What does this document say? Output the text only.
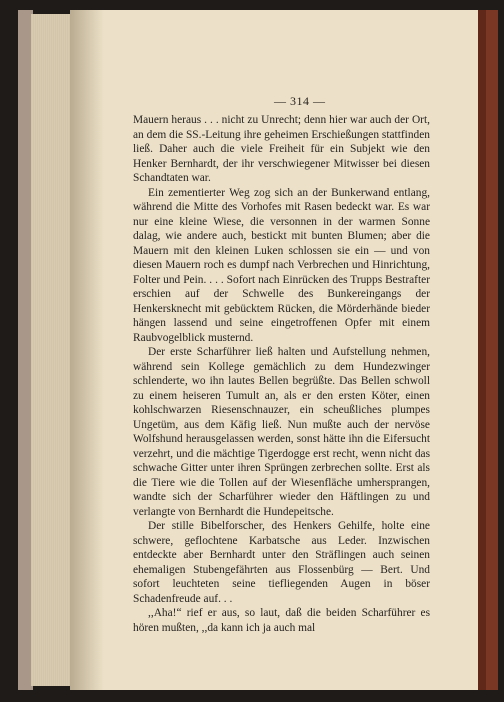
— 314 —

Mauern heraus . . . nicht zu Unrecht; denn hier war auch der Ort, an dem die SS.-Leitung ihre geheimen Erschießungen stattfinden ließ. Daher auch die viele Freiheit für ein Subjekt wie den Henker Bernhardt, der ihr verschwiegener Mitwisser bei diesen Schandtaten war.

Ein zementierter Weg zog sich an der Bunkerwand entlang, während die Mitte des Vorhofes mit Rasen bedeckt war. Es war nur eine kleine Wiese, die versonnen in der warmen Sonne dalag, wie andere auch, bestickt mit bunten Blumen; aber die Mauern mit den kleinen Luken schlossen sie ein — und von diesen Mauern roch es dumpf nach Verbrechen und Hinrichtung, Folter und Pein. . . . Sofort nach Einrücken des Trupps Bestrafter erschien auf der Schwelle des Bunkereingangs der Henkersknecht mit gebücktem Rücken, die Mörderhände bieder hängen lassend und seine eingetroffenen Opfer mit einem Raubvogelblick musternd.

Der erste Scharführer ließ halten und Aufstellung nehmen, während sein Kollege gemächlich zu dem Hundezwinger schlenderte, wo ihn lautes Bellen begrüßte. Das Bellen schwoll zu einem heiseren Tumult an, als er den ersten Köter, einen kohlschwarzen Riesenschnauzer, ein scheußliches plumpes Ungetüm, aus dem Käfig ließ. Nun mußte auch der nervöse Wolfshund herausgelassen werden, sonst hätte ihn die Eifersucht verzehrt, und die mächtige Tigerdogge erst recht, wenn nicht das schwache Gitter unter ihren Sprüngen zerbrechen sollte. Erst als die Tiere wie die Tollen auf der Wiesenfläche umhersprangen, wandte sich der Scharführer wieder den Häftlingen zu und verlangte von Bernhardt die Hundepeitsche.

Der stille Bibelforscher, des Henkers Gehilfe, holte eine schwere, geflochtene Karbatsche aus Leder. Inzwischen entdeckte aber Bernhardt unter den Sträflingen auch seinen ehemaligen Stubengefährten aus Flossenbürg — Bert. Und sofort leuchteten seine tiefliegenden Augen in böser Schadenfreude auf. . .

,,Aha!“ rief er aus, so laut, daß die beiden Scharführer es hören mußten, ,,da kann ich ja auch mal
